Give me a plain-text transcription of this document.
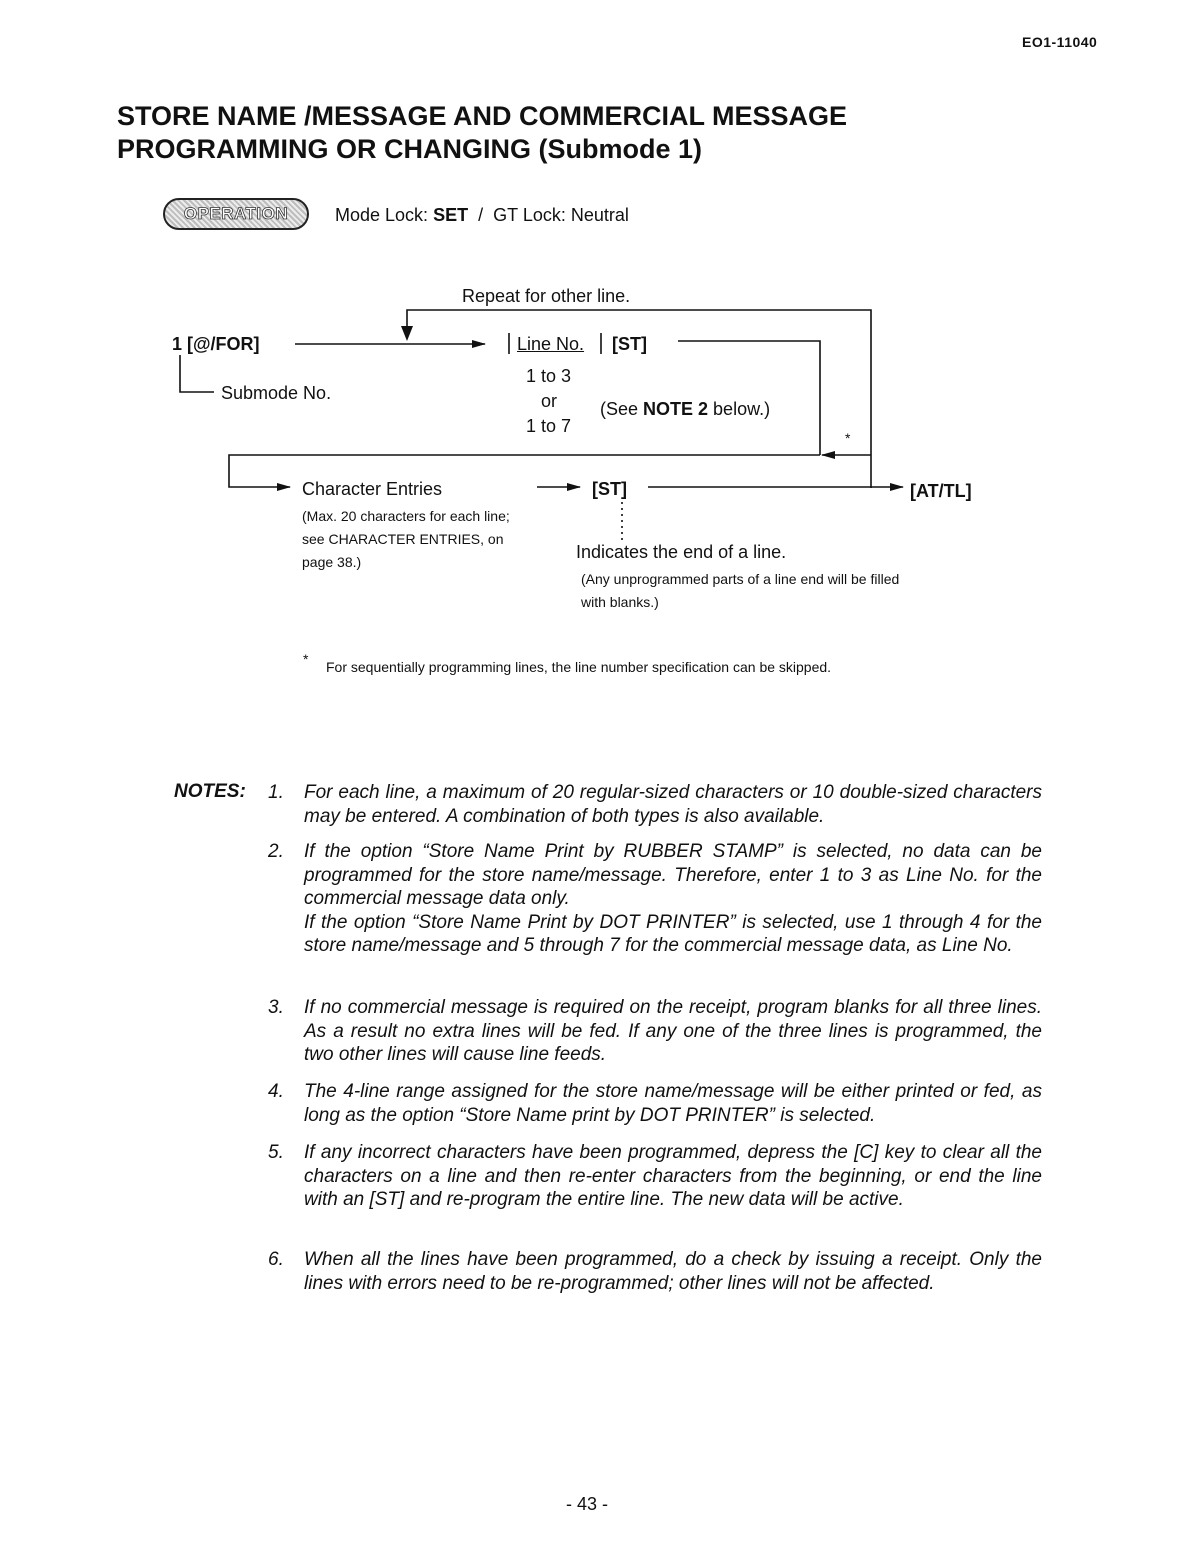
EO1-11040
STORE NAME /MESSAGE AND COMMERCIAL MESSAGE
PROGRAMMING OR CHANGING (Submode 1)
OPERATION	Mode Lock: SET / GT Lock: Neutral
Repeat for other line.
1 [@/FOR]
Submode No.
Line No. [ST]
1 to 3
or
1 to 7
(See NOTE 2 below.)
*
Character Entries
(Max. 20 characters for each line; see CHARACTER ENTRIES, on page 38.)
[ST]	[AT/TL]
Indicates the end of a line.
(Any unprogrammed parts of a line end will be filled with blanks.)
* For sequentially programming lines, the line number specification can be skipped.
NOTES: 1.	For each line, a maximum of 20 regular-sized characters or 10 double-sized characters may be entered. A combination of both types is also available.

2.	If the option “Store Name Print by RUBBER STAMP” is selected, no data can be programmed for the store name/message. Therefore, enter 1 to 3 as Line No. for the commercial message data only.

If the option “Store Name Print by DOT PRINTER” is selected, use 1 through 4 for the store name/message and 5 through 7 for the commercial message data, as Line No.

3.	If no commercial message is required on the receipt, program blanks for all three lines. As a result no extra lines will be fed. If any one of the three lines is programmed, the two other lines will cause line feeds.

4.	The 4-line range assigned for the store name/message will be either printed or fed, as long as the option “Store Name print by DOT PRINTER” is selected.

5.	If any incorrect characters have been programmed, depress the [C] key to clear all the characters on a line and then re-enter characters from the beginning, or end the line with an [ST] and re-program the entire line. The new data will be active.

6.	When all the lines have been programmed, do a check by issuing a receipt. Only the lines with errors need to be re-programmed; other lines will not be affected.

- 43 -
